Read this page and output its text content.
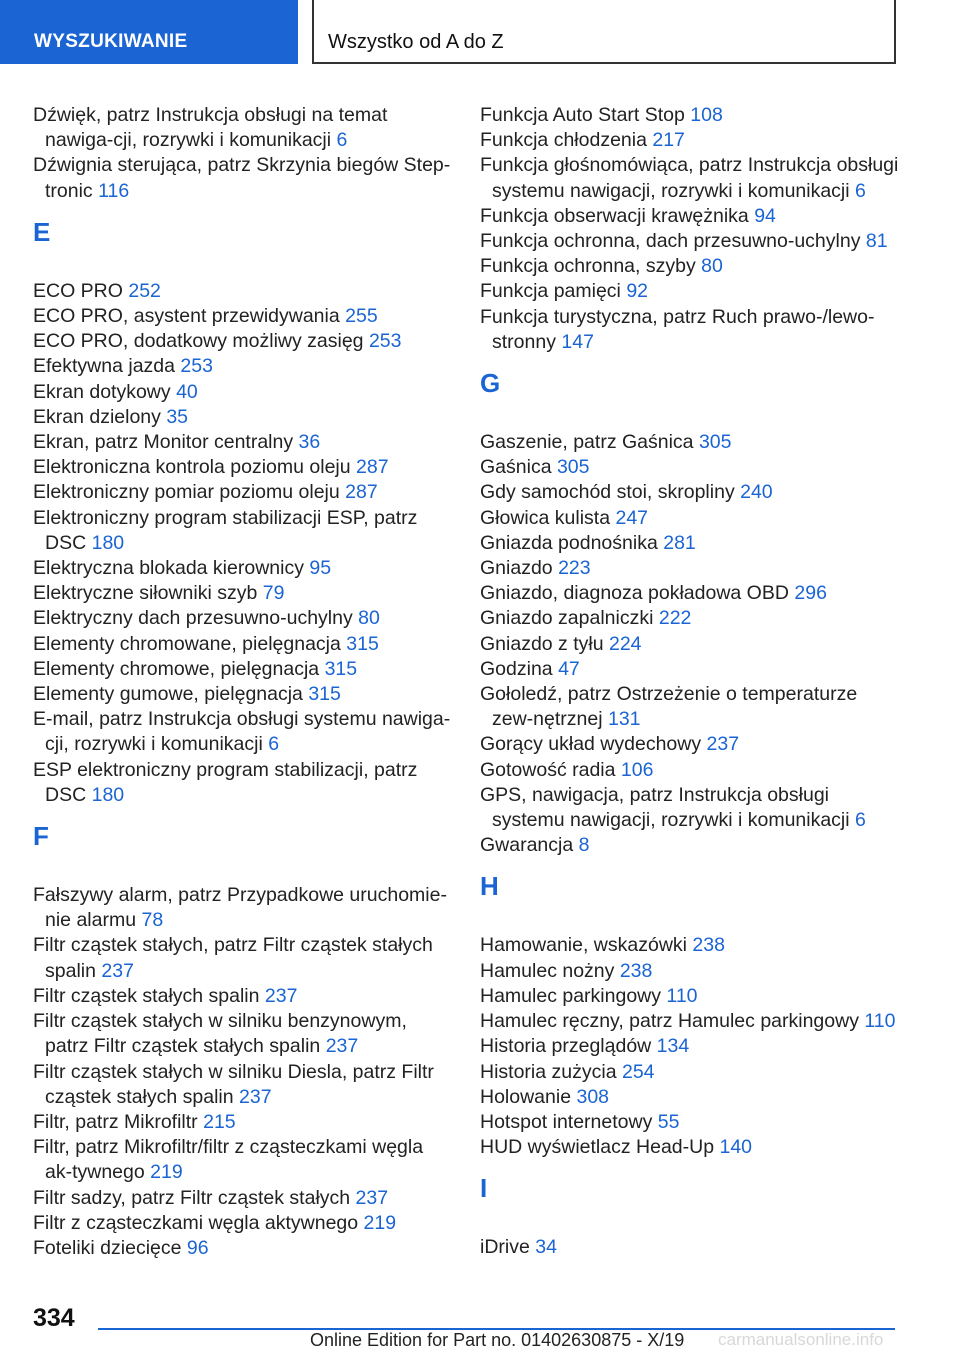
WYSZUKIWANIE	Wszystko od A do Z

Dźwięk, patrz Instrukcja obsługi na temat nawiga‐cji, rozrywki i komunikacji 6

Dźwignia sterująca, patrz Skrzynia biegów Step‐tronic 116

E

ECO PRO 252

ECO PRO, asystent przewidywania 255

ECO PRO, dodatkowy możliwy zasięg 253

Efektywna jazda 253

Ekran dotykowy 40

Ekran dzielony 35

Ekran, patrz Monitor centralny 36

Elektroniczna kontrola poziomu oleju 287

Elektroniczny pomiar poziomu oleju 287

Elektroniczny program stabilizacji ESP, patrz DSC 180

Elektryczna blokada kierownicy 95

Elektryczne siłowniki szyb 79

Elektryczny dach przesuwno-uchylny 80

Elementy chromowane, pielęgnacja 315

Elementy chromowe, pielęgnacja 315

Elementy gumowe, pielęgnacja 315

E-mail, patrz Instrukcja obsługi systemu nawiga‐cji, rozrywki i komunikacji 6

ESP elektroniczny program stabilizacji, patrz DSC 180

F

Fałszywy alarm, patrz Przypadkowe uruchomie‐nie alarmu 78

Filtr cząstek stałych, patrz Filtr cząstek stałych spalin 237

Filtr cząstek stałych spalin 237

Filtr cząstek stałych w silniku benzynowym, patrz Filtr cząstek stałych spalin 237

Filtr cząstek stałych w silniku Diesla, patrz Filtr cząstek stałych spalin 237

Filtr, patrz Mikrofiltr 215

Filtr, patrz Mikrofiltr/filtr z cząsteczkami węgla ak‐tywnego 219

Filtr sadzy, patrz Filtr cząstek stałych 237

Filtr z cząsteczkami węgla aktywnego 219

Foteliki dziecięce 96

Funkcja Auto Start Stop 108

Funkcja chłodzenia 217

Funkcja głośnomówiąca, patrz Instrukcja obsługi systemu nawigacji, rozrywki i komunikacji 6

Funkcja obserwacji krawężnika 94

Funkcja ochronna, dach przesuwno-uchylny 81

Funkcja ochronna, szyby 80

Funkcja pamięci 92

Funkcja turystyczna, patrz Ruch prawo-/lewo‐stronny 147

G

Gaszenie, patrz Gaśnica 305

Gaśnica 305

Gdy samochód stoi, skropliny 240

Głowica kulista 247

Gniazda podnośnika 281

Gniazdo 223

Gniazdo, diagnoza pokładowa OBD 296

Gniazdo zapalniczki 222

Gniazdo z tyłu 224

Godzina 47

Gołoledź, patrz Ostrzeżenie o temperaturze zew‐nętrznej 131

Gorący układ wydechowy 237

Gotowość radia 106

GPS, nawigacja, patrz Instrukcja obsługi systemu nawigacji, rozrywki i komunikacji 6

Gwarancja 8

H

Hamowanie, wskazówki 238

Hamulec nożny 238

Hamulec parkingowy 110

Hamulec ręczny, patrz Hamulec parkingowy 110

Historia przeglądów 134

Historia zużycia 254

Holowanie 308

Hotspot internetowy 55

HUD wyświetlacz Head-Up 140

I

iDrive 34

334
Online Edition for Part no. 01402630875 - X/19 carmanualsonline.info
